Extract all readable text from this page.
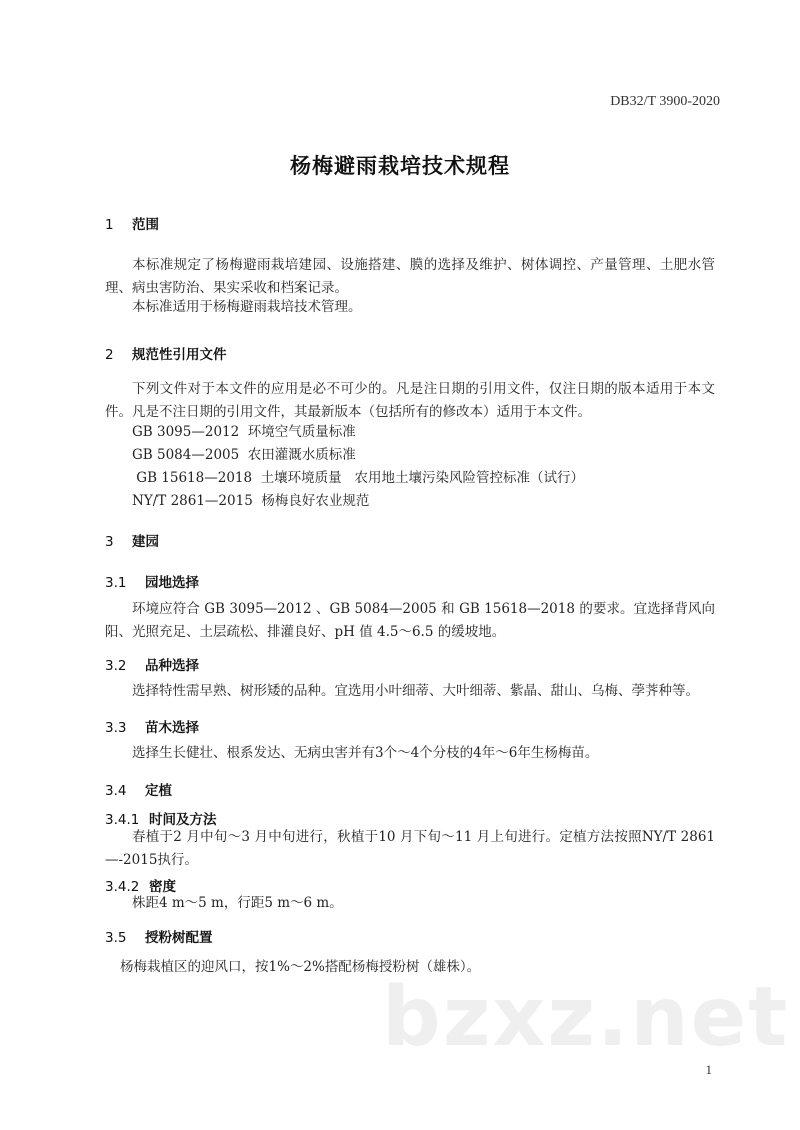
DB32/T 3900-2020
杨梅避雨栽培技术规程
1 范围

本标准规定了杨梅避雨栽培建园、设施搭建、膜的选择及维护、树体调控、产量管理、土肥水管理、病虫害防治、果实采收和档案记录。

本标准适用于杨梅避雨栽培技术管理。

2 规范性引用文件

下列文件对于本文件的应用是必不可少的。凡是注日期的引用文件，仅注日期的版本适用于本文件。凡是不注日期的引用文件，其最新版本（包括所有的修改本）适用于本文件。

GB 3095—2012  环境空气质量标准
GB 5084—2005  农田灌溉水质标准
GB 15618—2018  土壤环境质量   农用地土壤污染风险管控标准（试行）
NY/T 2861—2015  杨梅良好农业规范
3 建园
3.1 园地选择

环境应符合 GB 3095—2012 、GB 5084—2005 和 GB 15618—2018 的要求。宜选择背风向阳、光照充足、土层疏松、排灌良好、pH 值 4.5～6.5 的缓坡地。

3.2 品种选择

选择特性需早熟、树形矮的品种。宜选用小叶细蒂、大叶细蒂、紫晶、甜山、乌梅、荸荠种等。

3.3 苗木选择

选择生长健壮、根系发达、无病虫害并有3个～4个分枝的4年～6年生杨梅苗。

3.4 定植
3.4.1 时间及方法

春植于2 月中旬～3 月中旬进行，秋植于10 月下旬～11 月上旬进行。定植方法按照NY/T 2861—-2015执行。

3.4.2 密度

株距4 m～5 m，行距5 m～6 m。

3.5 授粉树配置

杨梅栽植区的迎风口，按1%～2%搭配杨梅授粉树（雄株）。

bzxz.net
1
